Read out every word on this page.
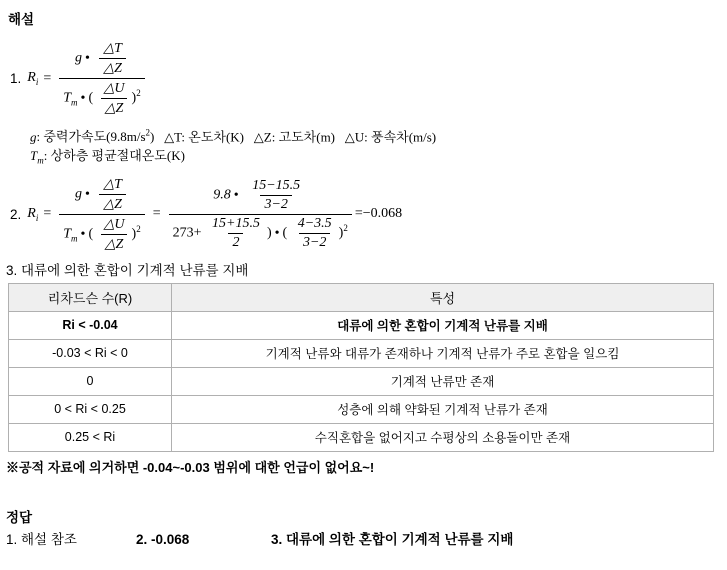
해설
1. $R_i = \frac{g • \frac{\triangle T}{\triangle Z}}{T_m • ( \frac{\triangle U}{\triangle Z} )^2}$
g: 중력가속도$(9.8m/s^2)$ △T: 온도차(K) △Z: 고도차(m) △U: 풍속차(m/s)
$T_m$: 상하층 평균절대온도(K)
2. $R_i = \frac{g • \frac{\triangle T}{\triangle Z}}{T_m • ( \frac{\triangle U}{\triangle Z} )^2}$ =
9.8 • $\frac{15-15.5}{3-2}$
$273+ \frac{15+15.5}{2}$ ) • ( $\frac{4-3.5}{3-2} )^2$
=−0.068
3. 대류에 의한 혼합이 기계적 난류를 지배
리차드슨 수(R)	특성
Ri < -0.04	대류에 의한 혼합이 기계적 난류를 지배
-0.03 < Ri < 0	기계적 난류와 대류가 존재하나 기계적 난류가 주로 혼합을 일으킴
0	기계적 난류만 존재
0 < Ri < 0.25	성층에 의해 약화된 기계적 난류가 존재
0.25 < Ri	수직혼합을 없어지고 수평상의 소용돌이만 존재
※공적 자료에 의거하면 -0.04~-0.03 범위에 대한 언급이 없어요~!
정답
1. 해설 참조	2. -0.068	3. 대류에 의한 혼합이 기계적 난류를 지배
